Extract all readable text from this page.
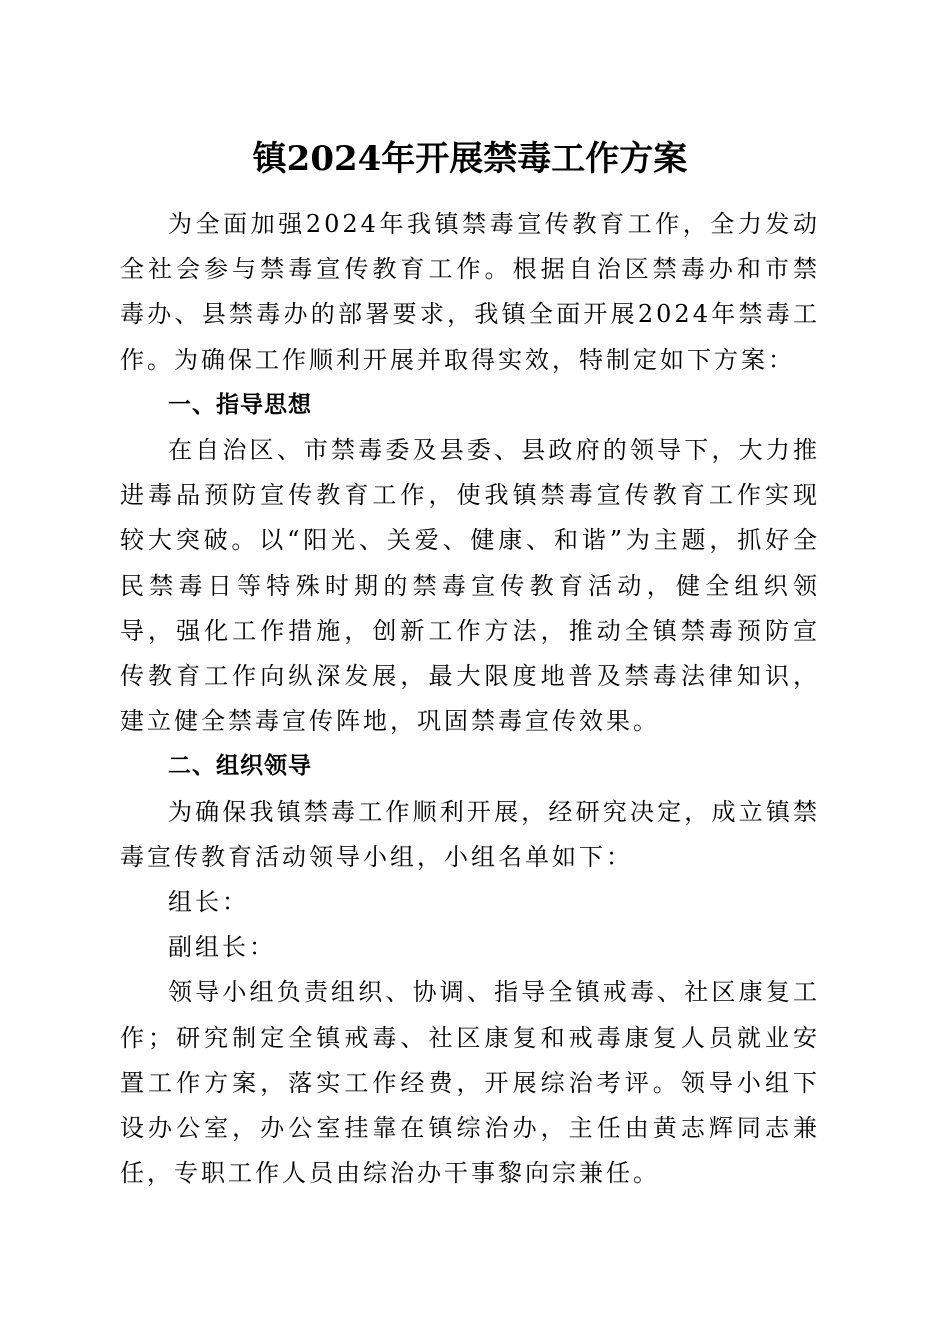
镇2024年开展禁毒工作方案

为全面加强2024年我镇禁毒宣传教育工作，全力发动全社会参与禁毒宣传教育工作。根据自治区禁毒办和市禁毒办、县禁毒办的部署要求，我镇全面开展2024年禁毒工作。为确保工作顺利开展并取得实效，特制定如下方案：

一、指导思想

在自治区、市禁毒委及县委、县政府的领导下，大力推进毒品预防宣传教育工作，使我镇禁毒宣传教育工作实现较大突破。以“阳光、关爱、健康、和谐”为主题，抓好全民禁毒日等特殊时期的禁毒宣传教育活动，健全组织领导，强化工作措施，创新工作方法，推动全镇禁毒预防宣传教育工作向纵深发展，最大限度地普及禁毒法律知识，建立健全禁毒宣传阵地，巩固禁毒宣传效果。

二、组织领导

为确保我镇禁毒工作顺利开展，经研究决定，成立镇禁毒宣传教育活动领导小组，小组名单如下：

组长：

副组长：

领导小组负责组织、协调、指导全镇戒毒、社区康复工作；研究制定全镇戒毒、社区康复和戒毒康复人员就业安置工作方案，落实工作经费，开展综治考评。领导小组下设办公室，办公室挂靠在镇综治办，主任由黄志辉同志兼任，专职工作人员由综治办干事黎向宗兼任。
